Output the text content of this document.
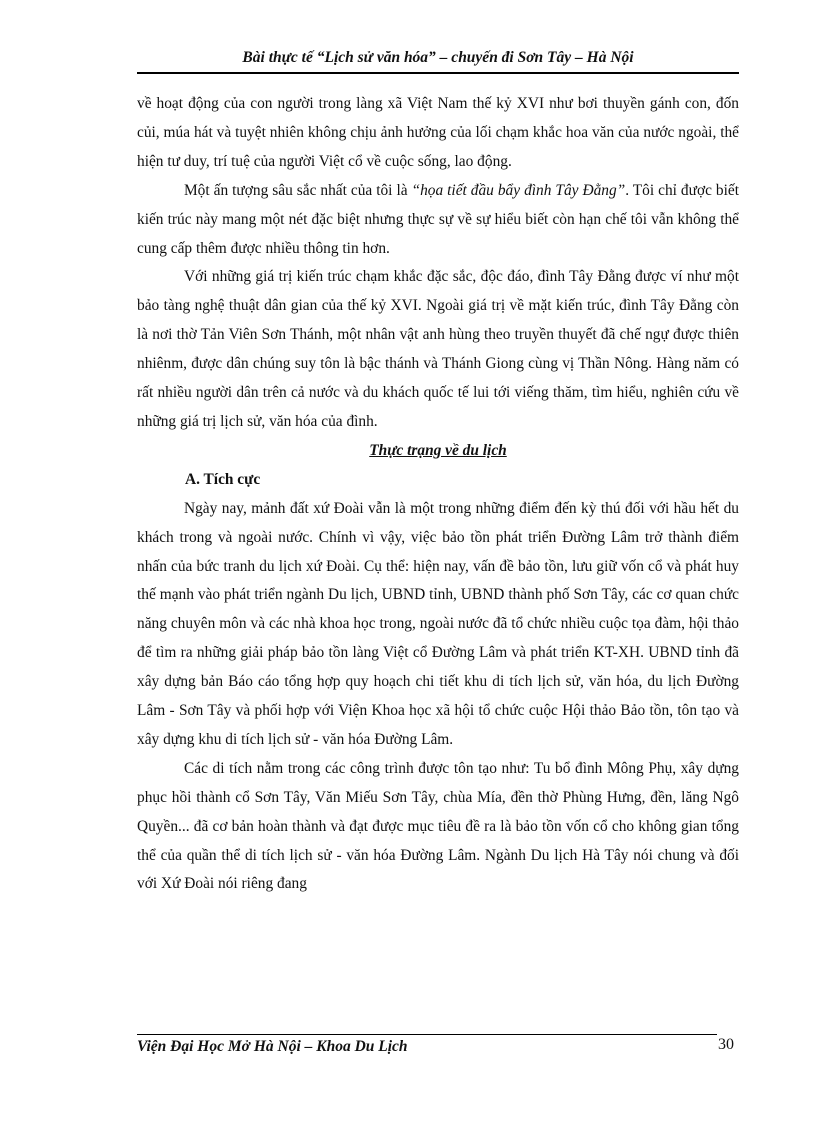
Bài thực tế “Lịch sử văn hóa” – chuyến đi Sơn Tây – Hà Nội

về hoạt động của con người trong làng xã Việt Nam thế kỷ XVI như bơi thuyền gánh con, đốn củi, múa hát và tuyệt nhiên không chịu ảnh hưởng của lối chạm khắc hoa văn của nước ngoài, thể hiện tư duy, trí tuệ của người Việt cổ về cuộc sống, lao động.

Một ấn tượng sâu sắc nhất của tôi là “họa tiết đầu bẩy đình Tây Đằng”. Tôi chỉ được biết kiến trúc này mang một nét đặc biệt nhưng thực sự về sự hiểu biết còn hạn chế tôi vẫn không thể cung cấp thêm được nhiều thông tin hơn.

Với những giá trị kiến trúc chạm khắc đặc sắc, độc đáo, đình Tây Đằng được ví như một bảo tàng nghệ thuật dân gian của thế kỷ XVI. Ngoài giá trị về mặt kiến trúc, đình Tây Đằng còn là nơi thờ Tản Viên Sơn Thánh, một nhân vật anh hùng theo truyền thuyết đã chế ngự được thiên nhiênm, được dân chúng suy tôn là bậc thánh và Thánh Giong cùng vị Thần Nông. Hàng năm có rất nhiều người dân trên cả nước và du khách quốc tế lui tới viếng thăm, tìm hiểu, nghiên cứu về những giá trị lịch sử, văn hóa của đình.

Thực trạng về du lịch

A. Tích cực

Ngày nay, mảnh đất xứ Đoài vẫn là một trong những điểm đến kỳ thú đối với hầu hết du khách trong và ngoài nước. Chính vì vậy, việc bảo tồn phát triển Đường Lâm trở thành điểm nhấn của bức tranh du lịch xứ Đoài. Cụ thể: hiện nay, vấn đề bảo tồn, lưu giữ vốn cổ và phát huy thế mạnh vào phát triển ngành Du lịch, UBND tỉnh, UBND thành phố Sơn Tây, các cơ quan chức năng chuyên môn và các nhà khoa học trong, ngoài nước đã tổ chức nhiều cuộc tọa đàm, hội thảo để tìm ra những giải pháp bảo tồn làng Việt cổ Đường Lâm và phát triển KT-XH. UBND tỉnh đã xây dựng bản Báo cáo tổng hợp quy hoạch chi tiết khu di tích lịch sử, văn hóa, du lịch Đường Lâm - Sơn Tây và phối hợp với Viện Khoa học xã hội tổ chức cuộc Hội thảo Bảo tồn, tôn tạo và xây dựng khu di tích lịch sử - văn hóa Đường Lâm.

Các di tích nằm trong các công trình được tôn tạo như: Tu bổ đình Mông Phụ, xây dựng phục hồi thành cổ Sơn Tây, Văn Miếu Sơn Tây, chùa Mía, đền thờ Phùng Hưng, đền, lăng Ngô Quyền... đã cơ bản hoàn thành và đạt được mục tiêu đề ra là bảo tồn vốn cổ cho không gian tổng thể của quần thể di tích lịch sử - văn hóa Đường Lâm. Ngành Du lịch Hà Tây nói chung và đối với Xứ Đoài nói riêng đang

Viện Đại Học Mở Hà Nội – Khoa Du Lịch	30
